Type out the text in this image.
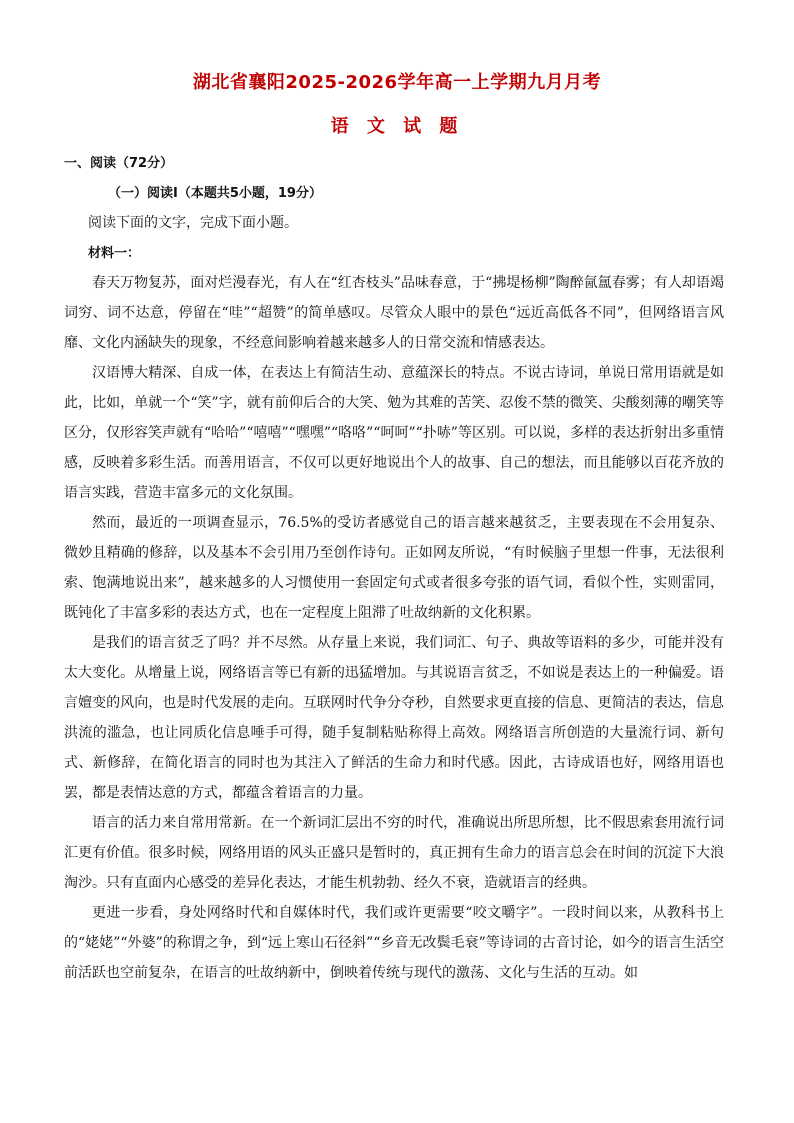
湖北省襄阳2025-2026学年高一上学期九月月考
语 文 试 题
一、阅读（72分）
（一）阅读Ⅰ（本题共5小题，19分）
阅读下面的文字，完成下面小题。
材料一：

春天万物复苏，面对烂漫春光，有人在“红杏枝头”品味春意，于“拂堤杨柳”陶醉氤氲春雾；有人却语竭词穷、词不达意，停留在“哇”“超赞”的简单感叹。尽管众人眼中的景色“远近高低各不同”，但网络语言风靡、文化内涵缺失的现象，不经意间影响着越来越多人的日常交流和情感表达。

汉语博大精深、自成一体，在表达上有简洁生动、意蕴深长的特点。不说古诗词，单说日常用语就是如此，比如，单就一个“笑”字，就有前仰后合的大笑、勉为其难的苦笑、忍俊不禁的微笑、尖酸刻薄的嘲笑等区分，仅形容笑声就有“哈哈”“嘻嘻”“嘿嘿”“咯咯”“呵呵”“扑哧”等区别。可以说，多样的表达折射出多重情感，反映着多彩生活。而善用语言，不仅可以更好地说出个人的故事、自己的想法，而且能够以百花齐放的语言实践，营造丰富多元的文化氛围。

然而，最近的一项调查显示，76.5%的受访者感觉自己的语言越来越贫乏，主要表现在不会用复杂、微妙且精确的修辞，以及基本不会引用乃至创作诗句。正如网友所说，“有时候脑子里想一件事，无法很利索、饱满地说出来”，越来越多的人习惯使用一套固定句式或者很多夸张的语气词，看似个性，实则雷同，既钝化了丰富多彩的表达方式，也在一定程度上阻滞了吐故纳新的文化积累。

是我们的语言贫乏了吗？并不尽然。从存量上来说，我们词汇、句子、典故等语料的多少，可能并没有太大变化。从增量上说，网络语言等已有新的迅猛增加。与其说语言贫乏，不如说是表达上的一种偏爱。语言嬗变的风向，也是时代发展的走向。互联网时代争分夺秒，自然要求更直接的信息、更简洁的表达，信息洪流的滥急，也让同质化信息唾手可得，随手复制粘贴称得上高效。网络语言所创造的大量流行词、新句式、新修辞，在简化语言的同时也为其注入了鲜活的生命力和时代感。因此，古诗成语也好，网络用语也罢，都是表情达意的方式，都蕴含着语言的力量。

语言的活力来自常用常新。在一个新词汇层出不穷的时代，准确说出所思所想，比不假思索套用流行词汇更有价值。很多时候，网络用语的风头正盛只是暂时的，真正拥有生命力的语言总会在时间的沉淀下大浪淘沙。只有直面内心感受的差异化表达，才能生机勃勃、经久不衰，造就语言的经典。

更进一步看，身处网络时代和自媒体时代，我们或许更需要“咬文嚼字”。一段时间以来，从教科书上的“姥姥”“外婆”的称谓之争，到“远上寒山石径斜”“乡音无改鬓毛衰”等诗词的古音讨论，如今的语言生活空前活跃也空前复杂，在语言的吐故纳新中，倒映着传统与现代的激荡、文化与生活的互动。如
